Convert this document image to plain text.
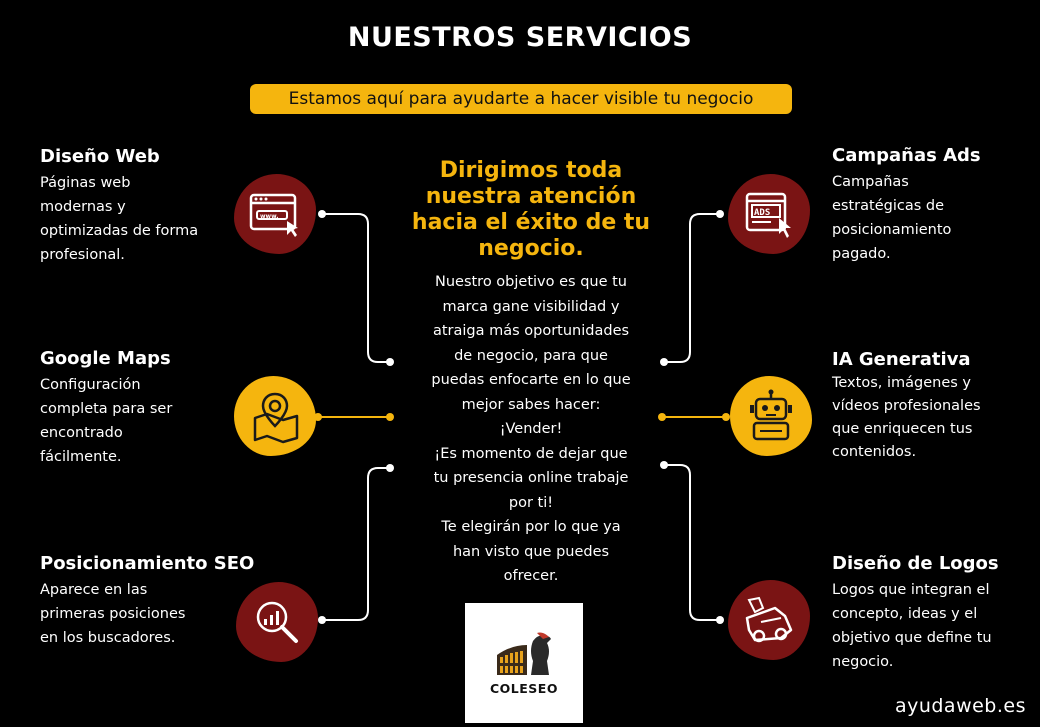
NUESTROS SERVICIOS
Estamos aquí para ayudarte a hacer visible tu negocio
Diseño Web
Páginas web
modernas y
optimizadas de forma
profesional.
www.
Google Maps
Configuración
completa para ser
encontrado
fácilmente.
Posicionamiento SEO
Aparece en las
primeras posiciones
en los buscadores.
Dirigimos toda
nuestra atención
hacia el éxito de tu
negocio.
Nuestro objetivo es que tu
marca gane visibilidad y
atraiga más oportunidades
de negocio, para que
puedas enfocarte en lo que
mejor sabes hacer:
¡Vender!
¡Es momento de dejar que
tu presencia online trabaje
por ti!
Te elegirán por lo que ya
han visto que puedes
ofrecer.
COLESEO
ADS
Campañas Ads
Campañas
estratégicas de
posicionamiento
pagado.
IA Generativa
Textos, imágenes y
vídeos profesionales
que enriquecen tus
contenidos.
Diseño de Logos
Logos que integran el
concepto, ideas y el
objetivo que define tu
negocio.
ayudaweb.es
